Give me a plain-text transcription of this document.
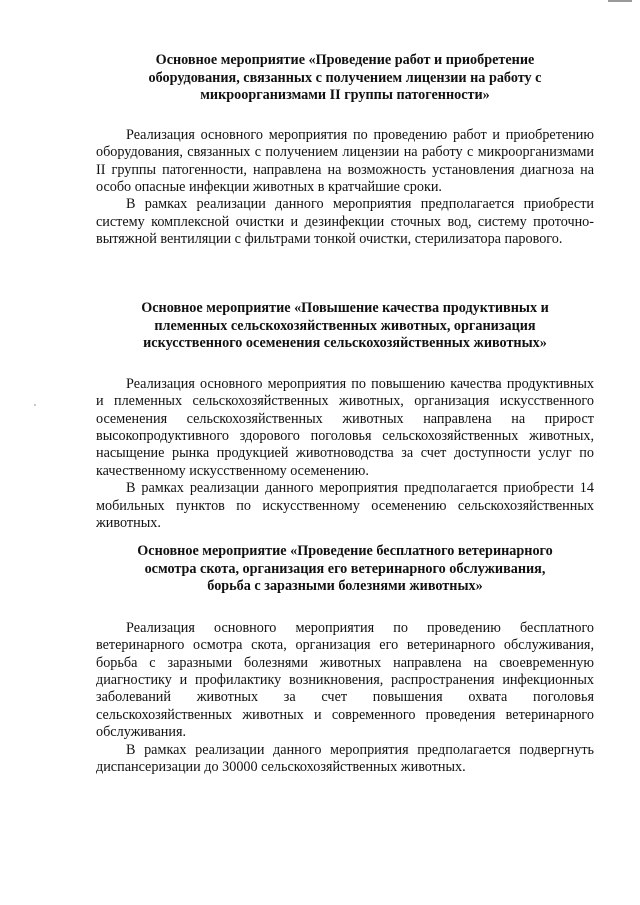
Основное мероприятие «Проведение работ и приобретение оборудования, связанных с получением лицензии на работу с микроорганизмами II группы патогенности»

Реализация основного мероприятия по проведению работ и приобретению оборудования, связанных с получением лицензии на работу с микроорганизмами II группы патогенности, направлена на возможность установления диагноза на особо опасные инфекции животных в кратчайшие сроки.

В рамках реализации данного мероприятия предполагается приобрести систему комплексной очистки и дезинфекции сточных вод, систему проточно-вытяжной вентиляции с фильтрами тонкой очистки, стерилизатора парового.

Основное мероприятие «Повышение качества продуктивных и племенных сельскохозяйственных животных, организация искусственного осеменения сельскохозяйственных животных»

Реализация основного мероприятия по повышению качества продуктивных и племенных сельскохозяйственных животных, организация искусственного осеменения сельскохозяйственных животных направлена на прирост высокопродуктивного здорового поголовья сельскохозяйственных животных, насыщение рынка продукцией животноводства за счет доступности услуг по качественному искусственному осеменению.

В рамках реализации данного мероприятия предполагается приобрести 14 мобильных пунктов по искусственному осеменению сельскохозяйственных животных.

Основное мероприятие «Проведение бесплатного ветеринарного осмотра скота, организация его ветеринарного обслуживания, борьба с заразными болезнями животных»

Реализация основного мероприятия по проведению бесплатного ветеринарного осмотра скота, организация его ветеринарного обслуживания, борьба с заразными болезнями животных направлена на своевременную диагностику и профилактику возникновения, распространения инфекционных заболеваний животных за счет повышения охвата поголовья сельскохозяйственных животных и современного проведения ветеринарного обслуживания.

В рамках реализации данного мероприятия предполагается подвергнуть диспансеризации до 30000 сельскохозяйственных животных.
